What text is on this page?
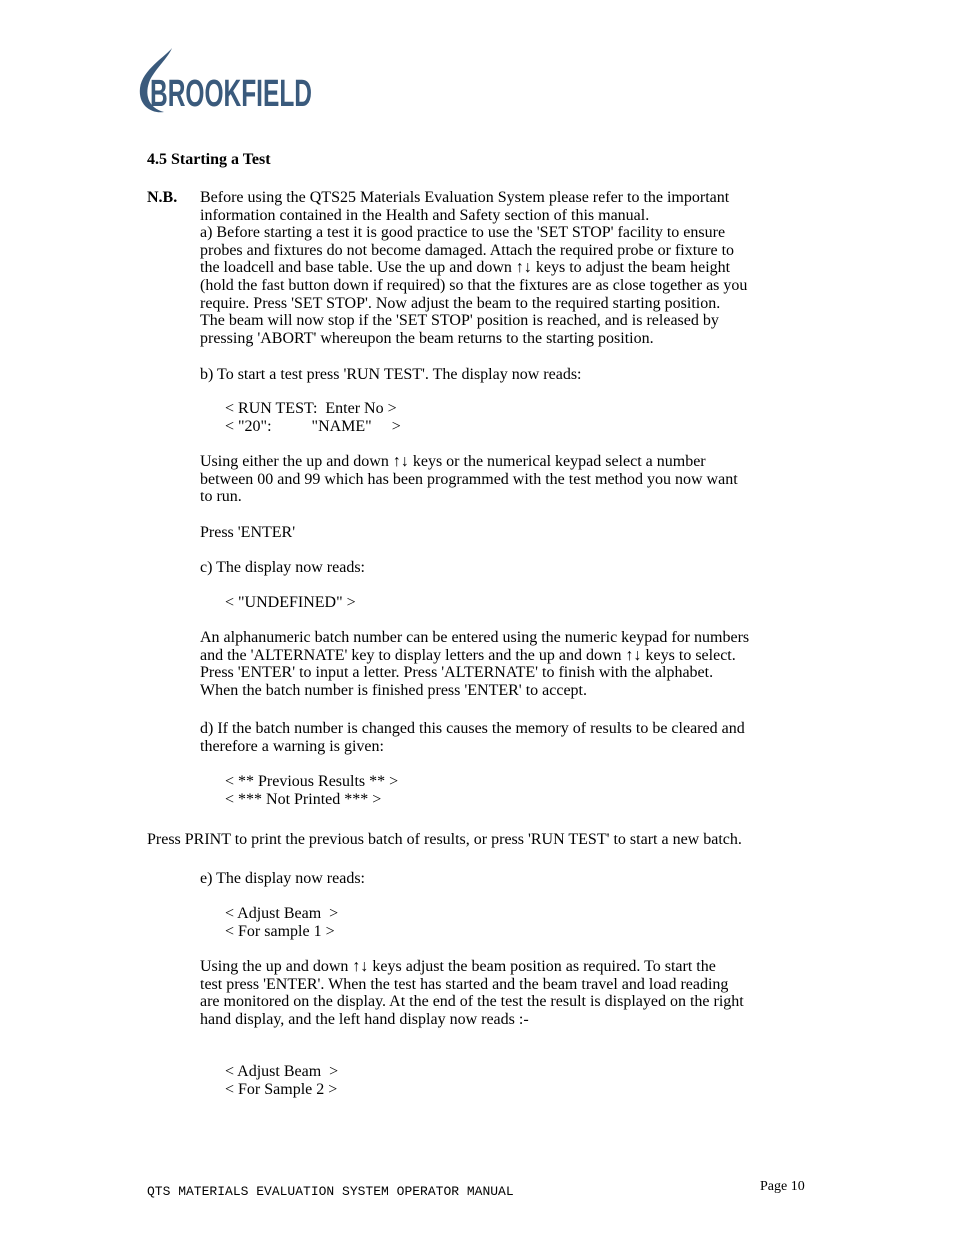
BROOKFIELD
4.5 Starting a Test
N.B. Before using the QTS25 Materials Evaluation System please refer to the important
information contained in the Health and Safety section of this manual.
a) Before starting a test it is good practice to use the 'SET STOP' facility to ensure
probes and fixtures do not become damaged. Attach the required probe or fixture to
the loadcell and base table. Use the up and down ↑↓ keys to adjust the beam height
(hold the fast button down if required) so that the fixtures are as close together as you
require. Press 'SET STOP'. Now adjust the beam to the required starting position.
The beam will now stop if the 'SET STOP' position is reached, and is released by
pressing 'ABORT' whereupon the beam returns to the starting position.
b) To start a test press 'RUN TEST'. The display now reads:
< RUN TEST:  Enter No >
< "20":          "NAME"     >
Using either the up and down ↑↓ keys or the numerical keypad select a number
between 00 and 99 which has been programmed with the test method you now want
to run.
Press 'ENTER'
c) The display now reads:
< "UNDEFINED" >
An alphanumeric batch number can be entered using the numeric keypad for numbers
and the 'ALTERNATE' key to display letters and the up and down ↑↓ keys to select.
Press 'ENTER' to input a letter. Press 'ALTERNATE' to finish with the alphabet.
When the batch number is finished press 'ENTER' to accept.
d) If the batch number is changed this causes the memory of results to be cleared and
therefore a warning is given:
< ** Previous Results ** >
< *** Not Printed *** >
Press PRINT to print the previous batch of results, or press 'RUN TEST' to start a new batch.
e) The display now reads:
< Adjust Beam  >
< For sample 1 >
Using the up and down ↑↓ keys adjust the beam position as required. To start the
test press 'ENTER'. When the test has started and the beam travel and load reading
are monitored on the display. At the end of the test the result is displayed on the right
hand display, and the left hand display now reads :-
< Adjust Beam  >
< For Sample 2 >
QTS MATERIALS EVALUATION SYSTEM OPERATOR MANUAL	Page 10
